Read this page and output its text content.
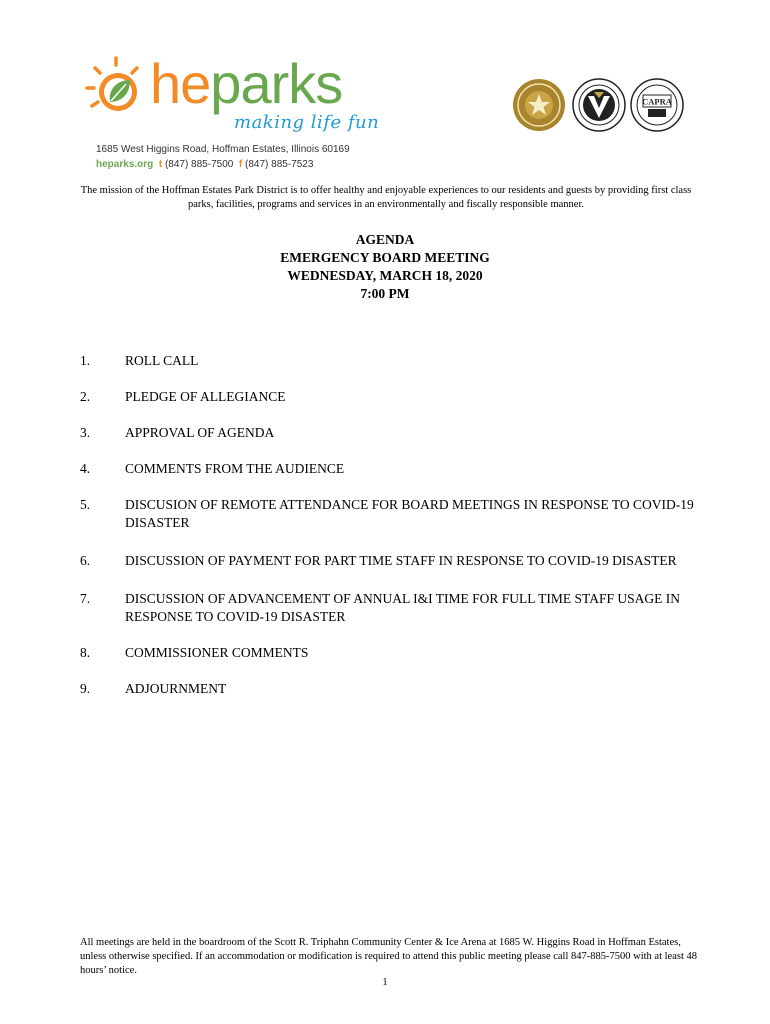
heparks
making life fun
1685 West Higgins Road, Hoffman Estates, Illinois 60169
heparks.org t (847) 885-7500 f (847) 885-7523
CAPRA
The mission of the Hoffman Estates Park District is to offer healthy and enjoyable experiences to our residents and guests by providing first class parks, facilities, programs and services in an environmentally and fiscally responsible manner.
AGENDA
EMERGENCY BOARD MEETING
WEDNESDAY, MARCH 18, 2020
7:00 PM
1.	ROLL CALL
2.	PLEDGE OF ALLEGIANCE
3.	APPROVAL OF AGENDA
4.	COMMENTS FROM THE AUDIENCE
5.	DISCUSION OF REMOTE ATTENDANCE FOR BOARD MEETINGS IN RESPONSE TO COVID-19 DISASTER
6.	DISCUSSION OF PAYMENT FOR PART TIME STAFF IN RESPONSE TO COVID-19 DISASTER
7.	DISCUSSION OF ADVANCEMENT OF ANNUAL I&I TIME FOR FULL TIME STAFF USAGE IN RESPONSE TO COVID-19 DISASTER
8.	COMMISSIONER COMMENTS
9.	ADJOURNMENT
All meetings are held in the boardroom of the Scott R. Triphahn Community Center & Ice Arena at 1685 W. Higgins Road in Hoffman Estates, unless otherwise specified. If an accommodation or modification is required to attend this public meeting please call 847-885-7500 with at least 48 hours’ notice.
1
